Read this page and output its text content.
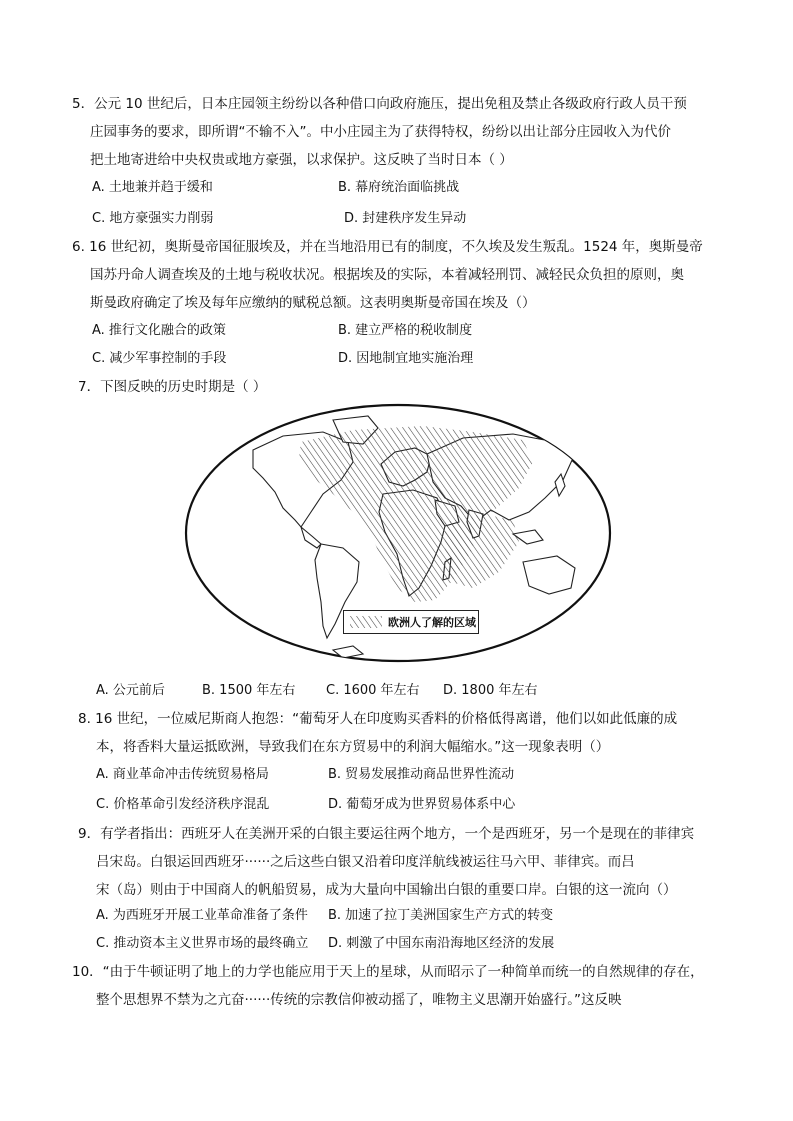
5．公元 10 世纪后，日本庄园领主纷纷以各种借口向政府施压，提出免租及禁止各级政府行政人员干预
庄园事务的要求，即所谓“不输不入”。中小庄园主为了获得特权，纷纷以出让部分庄园收入为代价
把土地寄进给中央权贵或地方豪强，以求保护。这反映了当时日本（ ）
A. 土地兼并趋于缓和	B. 幕府统治面临挑战
C. 地方豪强实力削弱	D. 封建秩序发生异动
6. 16 世纪初，奥斯曼帝国征服埃及，并在当地沿用已有的制度，不久埃及发生叛乱。1524 年，奥斯曼帝
国苏丹命人调查埃及的土地与税收状况。根据埃及的实际，本着减轻刑罚、减轻民众负担的原则，奥
斯曼政府确定了埃及每年应缴纳的赋税总额。这表明奥斯曼帝国在埃及（）
A. 推行文化融合的政策	B. 建立严格的税收制度
C. 减少军事控制的手段	D. 因地制宜地实施治理
7．下图反映的历史时期是（ ）
欧洲人了解的区域
A. 公元前后	B. 1500 年左右 C. 1600 年左右 D. 1800 年左右
8. 16 世纪，一位威尼斯商人抱怨：“葡萄牙人在印度购买香料的价格低得离谱，他们以如此低廉的成
本，将香料大量运抵欧洲，导致我们在东方贸易中的利润大幅缩水。”这一现象表明（）
A. 商业革命冲击传统贸易格局	B. 贸易发展推动商品世界性流动
C. 价格革命引发经济秩序混乱	D. 葡萄牙成为世界贸易体系中心
9．有学者指出：西班牙人在美洲开采的白银主要运往两个地方，一个是西班牙，另一个是现在的菲律宾
吕宋岛。白银运回西班牙······之后这些白银又沿着印度洋航线被运往马六甲、菲律宾。而吕
宋（岛）则由于中国商人的帆船贸易，成为大量向中国输出白银的重要口岸。白银的这一流向（）
A. 为西班牙开展工业革命准备了条件 B. 加速了拉丁美洲国家生产方式的转变
C. 推动资本主义世界市场的最终确立 D. 刺激了中国东南沿海地区经济的发展
10．“由于牛顿证明了地上的力学也能应用于天上的星球，从而昭示了一种简单而统一的自然规律的存在，
整个思想界不禁为之亢奋······传统的宗教信仰被动摇了，唯物主义思潮开始盛行。”这反映
